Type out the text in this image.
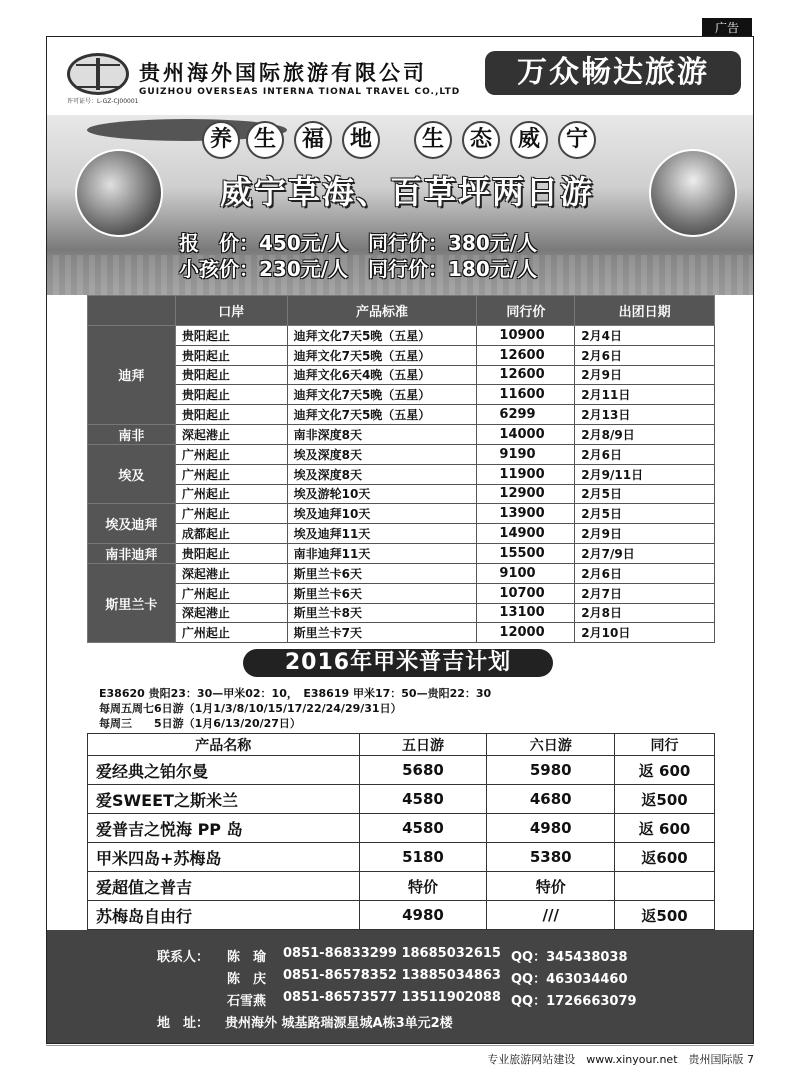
广告
许可证号：L-GZ-CJ00001
贵州海外国际旅游有限公司
GUIZHOU OVERSEAS INTERNA TIONAL TRAVEL CO.,LTD
万众畅达旅游
养 生	福	地	生	态	威	宁
威宁草海、百草坪两日游
报　价：450元/人　同行价：380元/人
小孩价：230元/人　同行价：180元/人
	口岸	产品标准	同行价	出团日期
迪拜	贵阳起止	迪拜文化7天5晚（五星）	10900	2月4日
	贵阳起止	迪拜文化7天5晚（五星）	12600	2月6日
	贵阳起止	迪拜文化6天4晚（五星）	12600	2月9日
	贵阳起止	迪拜文化7天5晚（五星）	11600	2月11日
	贵阳起止	迪拜文化7天5晚（五星）	6299	2月13日
南非	深起港止	南非深度8天	14000	2月8/9日
埃及	广州起止	埃及深度8天	9190	2月6日
	广州起止	埃及深度8天	11900	2月9/11日
	广州起止	埃及游轮10天	12900	2月5日
埃及迪拜	广州起止	埃及迪拜10天	13900	2月5日
	成都起止	埃及迪拜11天	14900	2月9日
南非迪拜	贵阳起止	南非迪拜11天	15500	2月7/9日
斯里兰卡	深起港止	斯里兰卡6天	9100	2月6日
	广州起止	斯里兰卡6天	10700	2月7日
	深起港止	斯里兰卡8天	13100	2月8日
	广州起止	斯里兰卡7天	12000	2月10日
2016年甲米普吉计划
E38620 贵阳23：30—甲米02：10，　E38619 甲米17：50—贵阳22：30
每周五周七6日游（1月1/3/8/10/15/17/22/24/29/31日）
每周三　　5日游（1月6/13/20/27日）
产品名称	五日游	六日游	同行
爱经典之铂尔曼	5680	5980	返 600
爱SWEET之斯米兰	4580	4680	返500
爱普吉之悦海 PP 岛	4580	4980	返 600
甲米四岛+苏梅岛	5180	5380	返600
爱超值之普吉	特价	特价	
苏梅岛自由行	4980	///	返500
联系人： 陈　瑜 0851-86833299 18685032615 QQ：345438038
陈　庆 0851-86578352 13885034863 QQ：463034460
石雪燕 0851-86573577 13511902088 QQ：1726663079
地　址： 贵州海外 城基路瑞源星城A栋3单元2楼
专业旅游网站建设　www.xinyour.net　贵州国际版 7
